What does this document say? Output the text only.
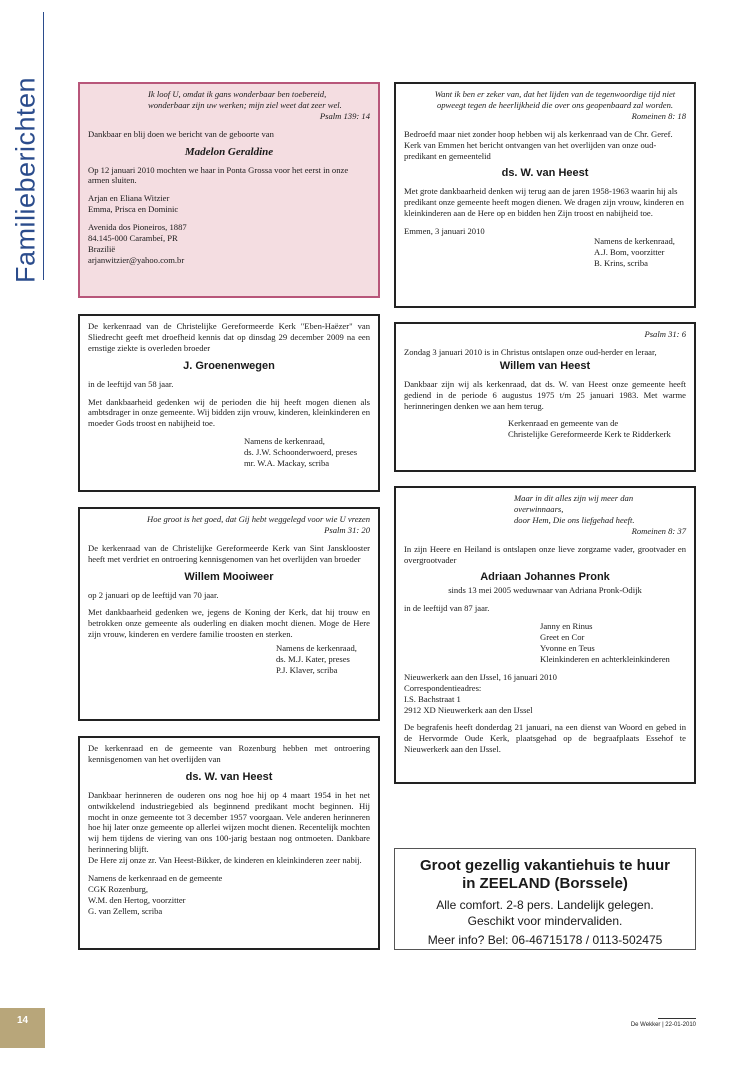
Familieberichten	Ik loof U, omdat ik gans wonderbaar ben toebereid,
wonderbaar zijn uw werken; mijn ziel weet dat zeer wel.

Psalm 139: 14

Dankbaar en blij doen we bericht van de geboorte van

Madelon Geraldine

Op 12 januari 2010 mochten we haar in Ponta Grossa voor het eerst in onze armen sluiten.

Arjan en Eliana Witzier
Emma, Prisca en Dominic

Avenida dos Pioneiros, 1887
84.145-000 Carambeí, PR
Brazilië
arjanwitzier@yahoo.com.br
Want ik ben er zeker van, dat het lijden van de tegenwoordige tijd niet
opweegt tegen de heerlijkheid die over ons geopenbaard zal worden.

Romeinen 8: 18

Bedroefd maar niet zonder hoop hebben wij als kerkenraad van de Chr. Geref. Kerk van Emmen het bericht ontvangen van het overlijden van onze oud-predikant en gemeentelid

ds. W. van Heest

Met grote dankbaarheid denken wij terug aan de jaren 1958-1963 waarin hij als predikant onze gemeente heeft mogen dienen. We dragen zijn vrouw, kinderen en kleinkinderen aan de Here op en bidden hen Zijn troost en nabijheid toe.

Emmen, 3 januari 2010

Namens de kerkenraad,
A.J. Bom, voorzitter
B. Krins, scriba

De kerkenraad van de Christelijke Gereformeerde Kerk "Eben-Haëzer" van Sliedrecht geeft met droefheid kennis dat op dinsdag 29 december 2009 na een ernstige ziekte is overleden broeder

J. Groenenwegen

in de leeftijd van 58 jaar.

Met dankbaarheid gedenken wij de perioden die hij heeft mogen dienen als ambtsdrager in onze gemeente. Wij bidden zijn vrouw, kinderen, kleinkinderen en moeder Gods troost en nabijheid toe.

Namens de kerkenraad,
ds. J.W. Schoonderwoerd, preses
mr. W.A. Mackay, scriba

Psalm 31: 6

Zondag 3 januari 2010 is in Christus ontslapen onze oud-herder en leraar,

Willem van Heest

Dankbaar zijn wij als kerkenraad, dat ds. W. van Heest onze gemeente heeft gediend in de periode 6 augustus 1975 t/m 25 januari 1983. Met warme herinneringen denken we aan hem terug.

Kerkenraad en gemeente van de
Christelijke Gereformeerde Kerk te Ridderkerk
Maar in dit alles zijn wij meer dan overwinnaars,
door Hem, Die ons liefgehad heeft.

Romeinen 8: 37

In zijn Heere en Heiland is ontslapen onze lieve zorgzame vader, grootvader en overgrootvader

Adriaan Johannes Pronk

sinds 13 mei 2005 weduwnaar van Adriana Pronk-Odijk

in de leeftijd van 87 jaar.

Janny en Rinus
Greet en Cor
Yvonne en Teus
Kleinkinderen en achterkleinkinderen

Nieuwerkerk aan den IJssel, 16 januari 2010
Correspondentieadres:
I.S. Bachstraat 1
2912 XD Nieuwerkerk aan den IJssel

De begrafenis heeft donderdag 21 januari, na een dienst van Woord en gebed in de Hervormde Oude Kerk, plaatsgehad op de begraafplaats Essehof te Nieuwerkerk aan den IJssel.

Hoe groot is het goed, dat Gij hebt weggelegd voor wie U vrezen

Psalm 31: 20

De kerkenraad van de Christelijke Gereformeerde Kerk van Sint Jansklooster heeft met verdriet en ontroering kennisgenomen van het overlijden van broeder

Willem Mooiweer

op 2 januari op de leeftijd van 70 jaar.

Met dankbaarheid gedenken we, jegens de Koning der Kerk, dat hij trouw en betrokken onze gemeente als ouderling en diaken mocht dienen. Moge de Here zijn vrouw, kinderen en verdere familie troosten en sterken.

Namens de kerkenraad,
ds. M.J. Kater, preses
P.J. Klaver, scriba

De kerkenraad en de gemeente van Rozenburg hebben met ontroering kennisgenomen van het overlijden van

ds. W. van Heest

Dankbaar herinneren de ouderen ons nog hoe hij op 4 maart 1954 in het net ontwikkelend industriegebied als beginnend predikant mocht beginnen. Hij mocht in onze gemeente tot 3 december 1957 voorgaan. Vele anderen herinneren hoe hij later onze gemeente op allerlei wijzen mocht dienen. Recentelijk mochten wij hem tijdens de viering van ons 100-jarig bestaan nog ontmoeten. Dankbare herinnering blijft.

De Here zij onze zr. Van Heest-Bikker, de kinderen en kleinkinderen zeer nabij.

Namens de kerkenraad en de gemeente
CGK Rozenburg,
W.M. den Hertog, voorzitter
G. van Zellem, scriba
Groot gezellig vakantiehuis te huur
in ZEELAND (Borssele)
Alle comfort. 2-8 pers. Landelijk gelegen.
Geschikt voor mindervaliden.
Meer info? Bel: 06-46715178 / 0113-502475
14	De Wekker | 22-01-2010
